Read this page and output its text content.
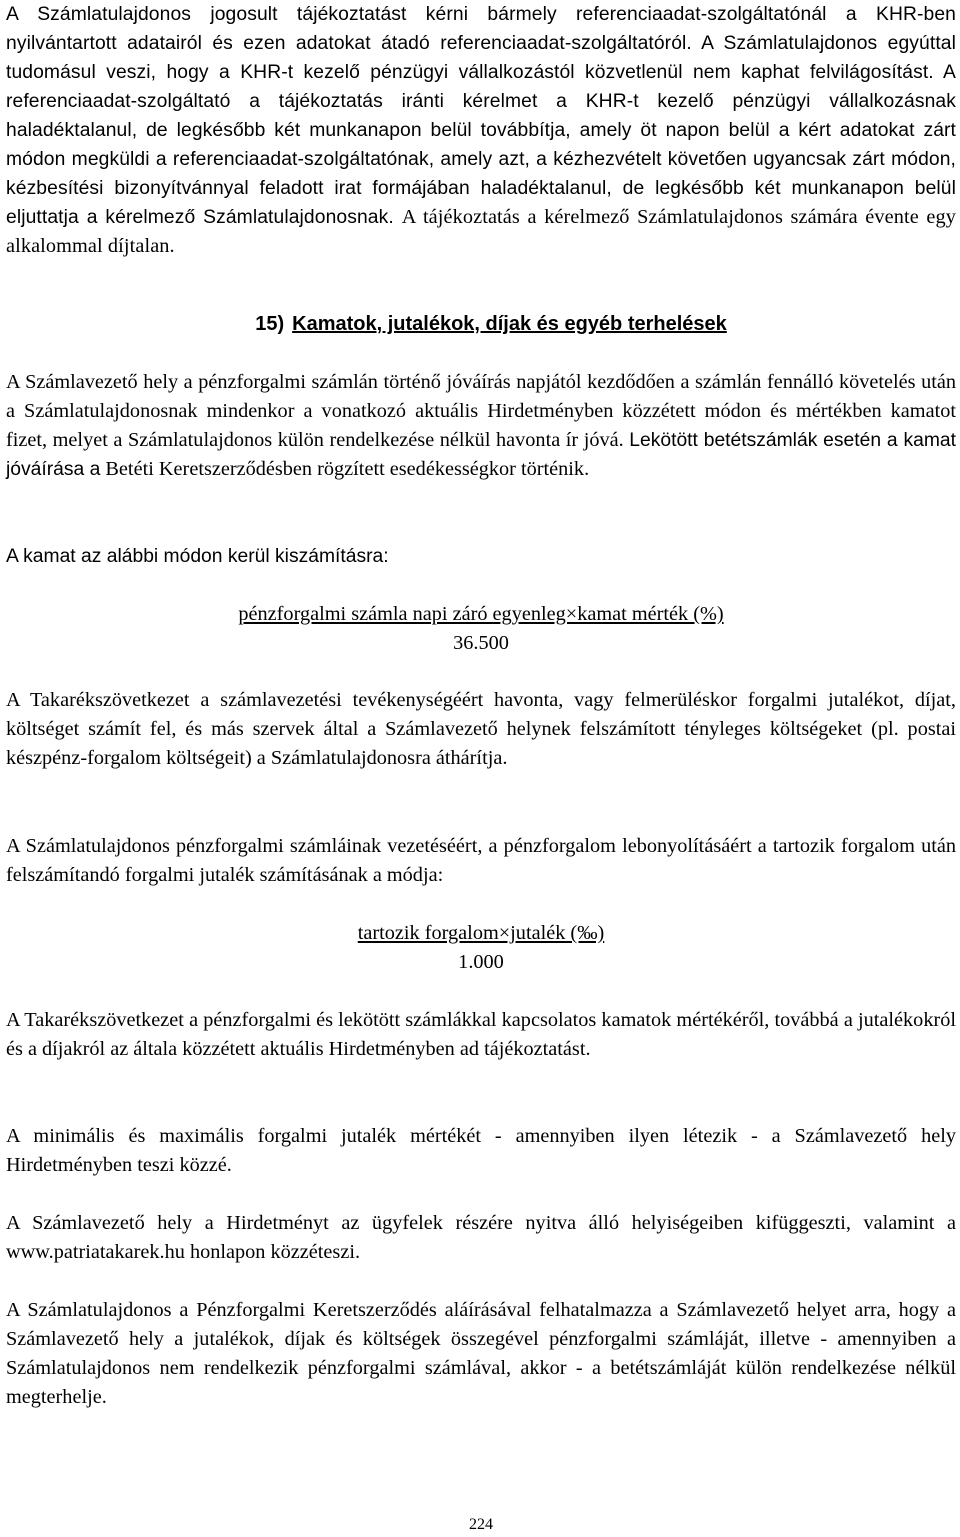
A Számlatulajdonos jogosult tájékoztatást kérni bármely referenciaadat-szolgáltatónál a KHR-ben nyilvántartott adatairól és ezen adatokat átadó referenciaadat-szolgáltatóról. A Számlatulajdonos egyúttal tudomásul veszi, hogy a KHR-t kezelő pénzügyi vállalkozástól közvetlenül nem kaphat felvilágosítást. A referenciaadat-szolgáltató a tájékoztatás iránti kérelmet a KHR-t kezelő pénzügyi vállalkozásnak haladéktalanul, de legkésőbb két munkanapon belül továbbítja, amely öt napon belül a kért adatokat zárt módon megküldi a referenciaadat-szolgáltatónak, amely azt, a kézhezvételt követően ugyancsak zárt módon, kézbesítési bizonyítvánnyal feladott irat formájában haladéktalanul, de legkésőbb két munkanapon belül eljuttatja a kérelmező Számlatulajdonosnak. A tájékoztatás a kérelmező Számlatulajdonos számára évente egy alkalommal díjtalan.

15) Kamatok, jutalékok, díjak és egyéb terhelések

A Számlavezető hely a pénzforgalmi számlán történő jóváírás napjától kezdődően a számlán fennálló követelés után a Számlatulajdonosnak mindenkor a vonatkozó aktuális Hirdetményben közzétett módon és mértékben kamatot fizet, melyet a Számlatulajdonos külön rendelkezése nélkül havonta ír jóvá. Lekötött betétszámlák esetén a kamat jóváírása a Betéti Keretszerződésben rögzített esedékességkor történik.

A kamat az alábbi módon kerül kiszámításra:

pénzforgalmi számla napi záró egyenleg×kamat mérték (%)
36.500

A Takarékszövetkezet a számlavezetési tevékenységéért havonta, vagy felmerüléskor forgalmi jutalékot, díjat, költséget számít fel, és más szervek által a Számlavezető helynek felszámított tényleges költségeket (pl. postai készpénz-forgalom költségeit) a Számlatulajdonosra áthárítja.

A Számlatulajdonos pénzforgalmi számláinak vezetéséért, a pénzforgalom lebonyolításáért a tartozik forgalom után felszámítandó forgalmi jutalék számításának a módja:

tartozik forgalom×jutalék (‰)
1.000

A Takarékszövetkezet a pénzforgalmi és lekötött számlákkal kapcsolatos kamatok mértékéről, továbbá a jutalékokról és a díjakról az általa közzétett aktuális Hirdetményben ad tájékoztatást.

A minimális és maximális forgalmi jutalék mértékét - amennyiben ilyen létezik - a Számlavezető hely Hirdetményben teszi közzé.

A Számlavezető hely a Hirdetményt az ügyfelek részére nyitva álló helyiségeiben kifüggeszti, valamint a www.patriatakarek.hu honlapon közzéteszi.

A Számlatulajdonos a Pénzforgalmi Keretszerződés aláírásával felhatalmazza a Számlavezető helyet arra, hogy a Számlavezető hely a jutalékok, díjak és költségek összegével pénzforgalmi számláját, illetve - amennyiben a Számlatulajdonos nem rendelkezik pénzforgalmi számlával, akkor - a betétszámláját külön rendelkezése nélkül megterhelje.

224
